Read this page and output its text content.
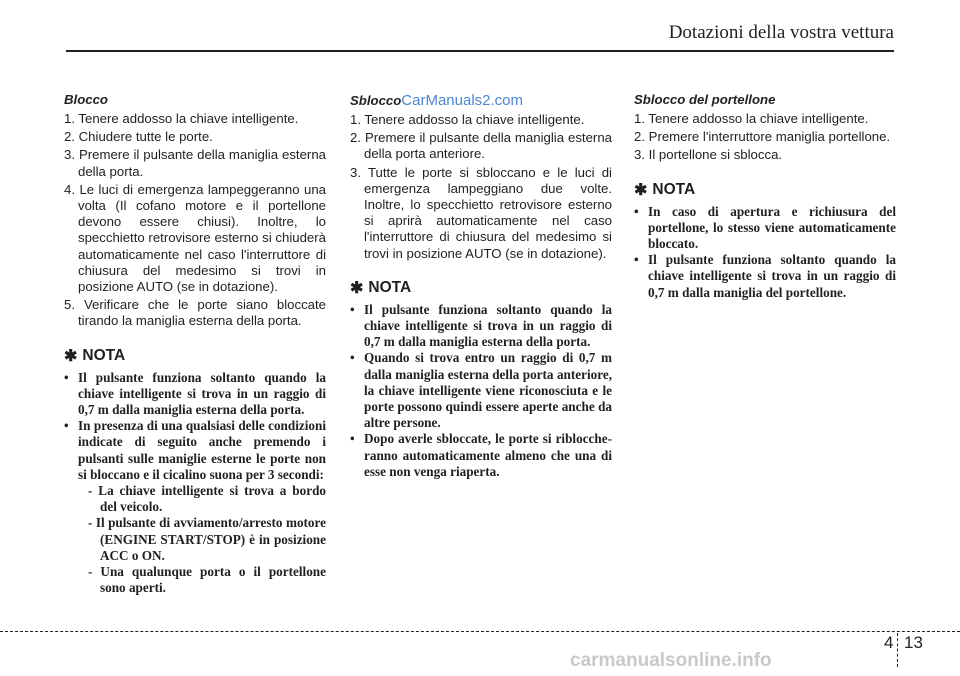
Dotazioni della vostra vettura
Blocco
1. Tenere addosso la chiave intelligente.
2. Chiudere tutte le porte.
3. Premere il pulsante della maniglia esterna della porta.
4. Le luci di emergenza lampeggeranno una volta (Il cofano motore e il portellone devono essere chiusi). Inoltre, lo specchietto retrovisore esterno si chiuderà automaticamente nel caso l'interruttore di chiusura del medesimo si trovi in posizione AUTO (se in dotazione).
5. Verificare che le porte siano bloccate tirando la maniglia esterna della porta.
✱ NOTA
• Il pulsante funziona soltanto quando la chiave intelligente si trova in un raggio di 0,7 m dalla maniglia esterna della porta.
• In presenza di una qualsiasi delle condizioni indicate di seguito anche premendo i pulsanti sulle maniglie esterne le porte non si bloccano e il cicalino suona per 3 secondi:
- La chiave intelligente si trova a bordo del veicolo.
- Il pulsante di avviamento/arresto motore (ENGINE START/STOP) è in posizione ACC o ON.
- Una qualunque porta o il portellone sono aperti.
Sblocco CarManuals2.com
1. Tenere addosso la chiave intelligente.
2. Premere il pulsante della maniglia esterna della porta anteriore.
3. Tutte le porte si sbloccano e le luci di emergenza lampeggiano due volte. Inoltre, lo specchietto retrovisore esterno si aprirà automaticamente nel caso l'interruttore di chiusura del medesimo si trovi in posizione AUTO (se in dotazione).
✱ NOTA
• Il pulsante funziona soltanto quando la chiave intelligente si trova in un raggio di 0,7 m dalla maniglia esterna della porta.
• Quando si trova entro un raggio di 0,7 m dalla maniglia esterna della porta anteriore, la chiave intelligente viene riconosciuta e le porte possono quindi essere aperte anche da altre persone.
• Dopo averle sbloccate, le porte si ribloccheranno automaticamente almeno che una di esse non venga riaperta.
Sblocco del portellone
1. Tenere addosso la chiave intelligente.
2. Premere l'interruttore maniglia portellone.
3. Il portellone si sblocca.
✱ NOTA
• In caso di apertura e richiusura del portellone, lo stesso viene automaticamente bloccato.
• Il pulsante funziona soltanto quando la chiave intelligente si trova in un raggio di 0,7 m dalla maniglia del portellone.
4 13
carmanualsonline.info
